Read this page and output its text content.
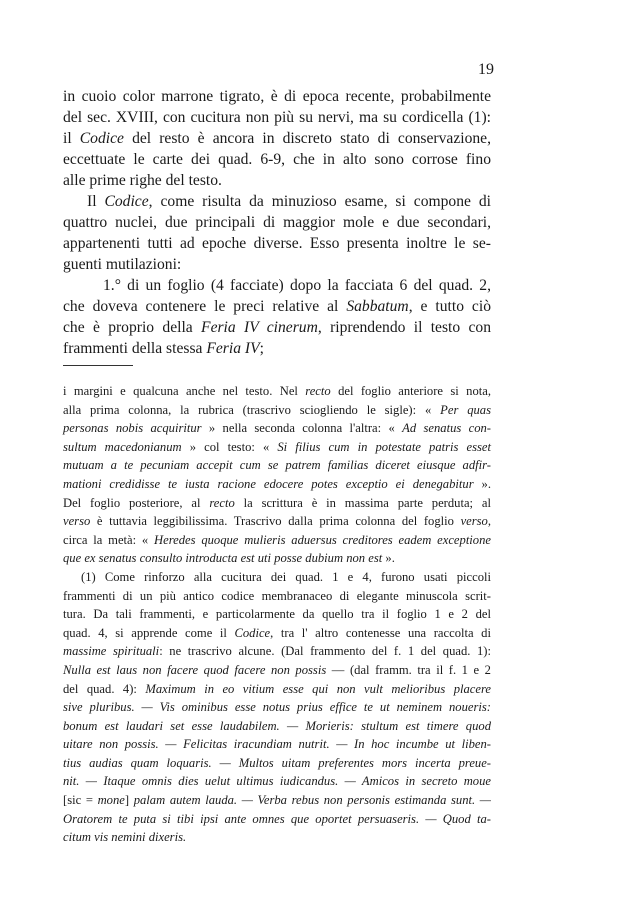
19
in cuoio color marrone tigrato, è di epoca recente, probabilmente
del sec. XVIII, con cucitura non più su nervi, ma su cordicella (1):
il Codice del resto è ancora in discreto stato di conservazione,
eccettuate le carte dei quad. 6-9, che in alto sono corrose fino
alle prime righe del testo.
Il Codice, come risulta da minuzioso esame, si compone di
quattro nuclei, due principali di maggior mole e due secondari,
appartenenti tutti ad epoche diverse. Esso presenta inoltre le se-
guenti mutilazioni:
1.° di un foglio (4 facciate) dopo la facciata 6 del quad. 2,
che doveva contenere le preci relative al Sabbatum, e tutto ciò
che è proprio della Feria IV cinerum, riprendendo il testo con
frammenti della stessa Feria IV;
i margini e qualcuna anche nel testo. Nel recto del foglio anteriore si nota,
alla prima colonna, la rubrica (trascrivo sciogliendo le sigle): « Per quas
personas nobis acquiritur » nella seconda colonna l'altra: « Ad senatus con-
sultum macedonianum » col testo: « Si filius cum in potestate patris esset
mutuam a te pecuniam accepit cum se patrem familias diceret eiusque adfir-
mationi credidisse te iusta racione edocere potes exceptio ei denegabitur ».
Del foglio posteriore, al recto la scrittura è in massima parte perduta; al
verso è tuttavia leggibilissima. Trascrivo dalla prima colonna del foglio verso,
circa la metà: « Heredes quoque mulieris aduersus creditores eadem exceptione
que ex senatus consulto introducta est uti posse dubium non est ».
(1) Come rinforzo alla cucitura dei quad. 1 e 4, furono usati piccoli
frammenti di un più antico codice membranaceo di elegante minuscola scrit-
tura. Da tali frammenti, e particolarmente da quello tra il foglio 1 e 2 del
quad. 4, si apprende come il Codice, tra l' altro contenesse una raccolta di
massime spirituali: ne trascrivo alcune. (Dal frammento del f. 1 del quad. 1):
Nulla est laus non facere quod facere non possis — (dal framm. tra il f. 1 e 2
del quad. 4): Maximum in eo vitium esse qui non vult melioribus placere
sive pluribus. — Vis ominibus esse notus prius effice te ut neminem noueris:
bonum est laudari set esse laudabilem. — Morieris: stultum est timere quod
uitare non possis. — Felicitas iracundiam nutrit. — In hoc incumbe ut liben-
tius audias quam loquaris. — Multos uitam preferentes mors incerta preue-
nit. — Itaque omnis dies uelut ultimus iudicandus. — Amicos in secreto moue
[sic = mone] palam autem lauda. — Verba rebus non personis estimanda sunt. —
Oratorem te puta si tibi ipsi ante omnes que oportet persuaseris. — Quod ta-
citum vis nemini dixeris.
